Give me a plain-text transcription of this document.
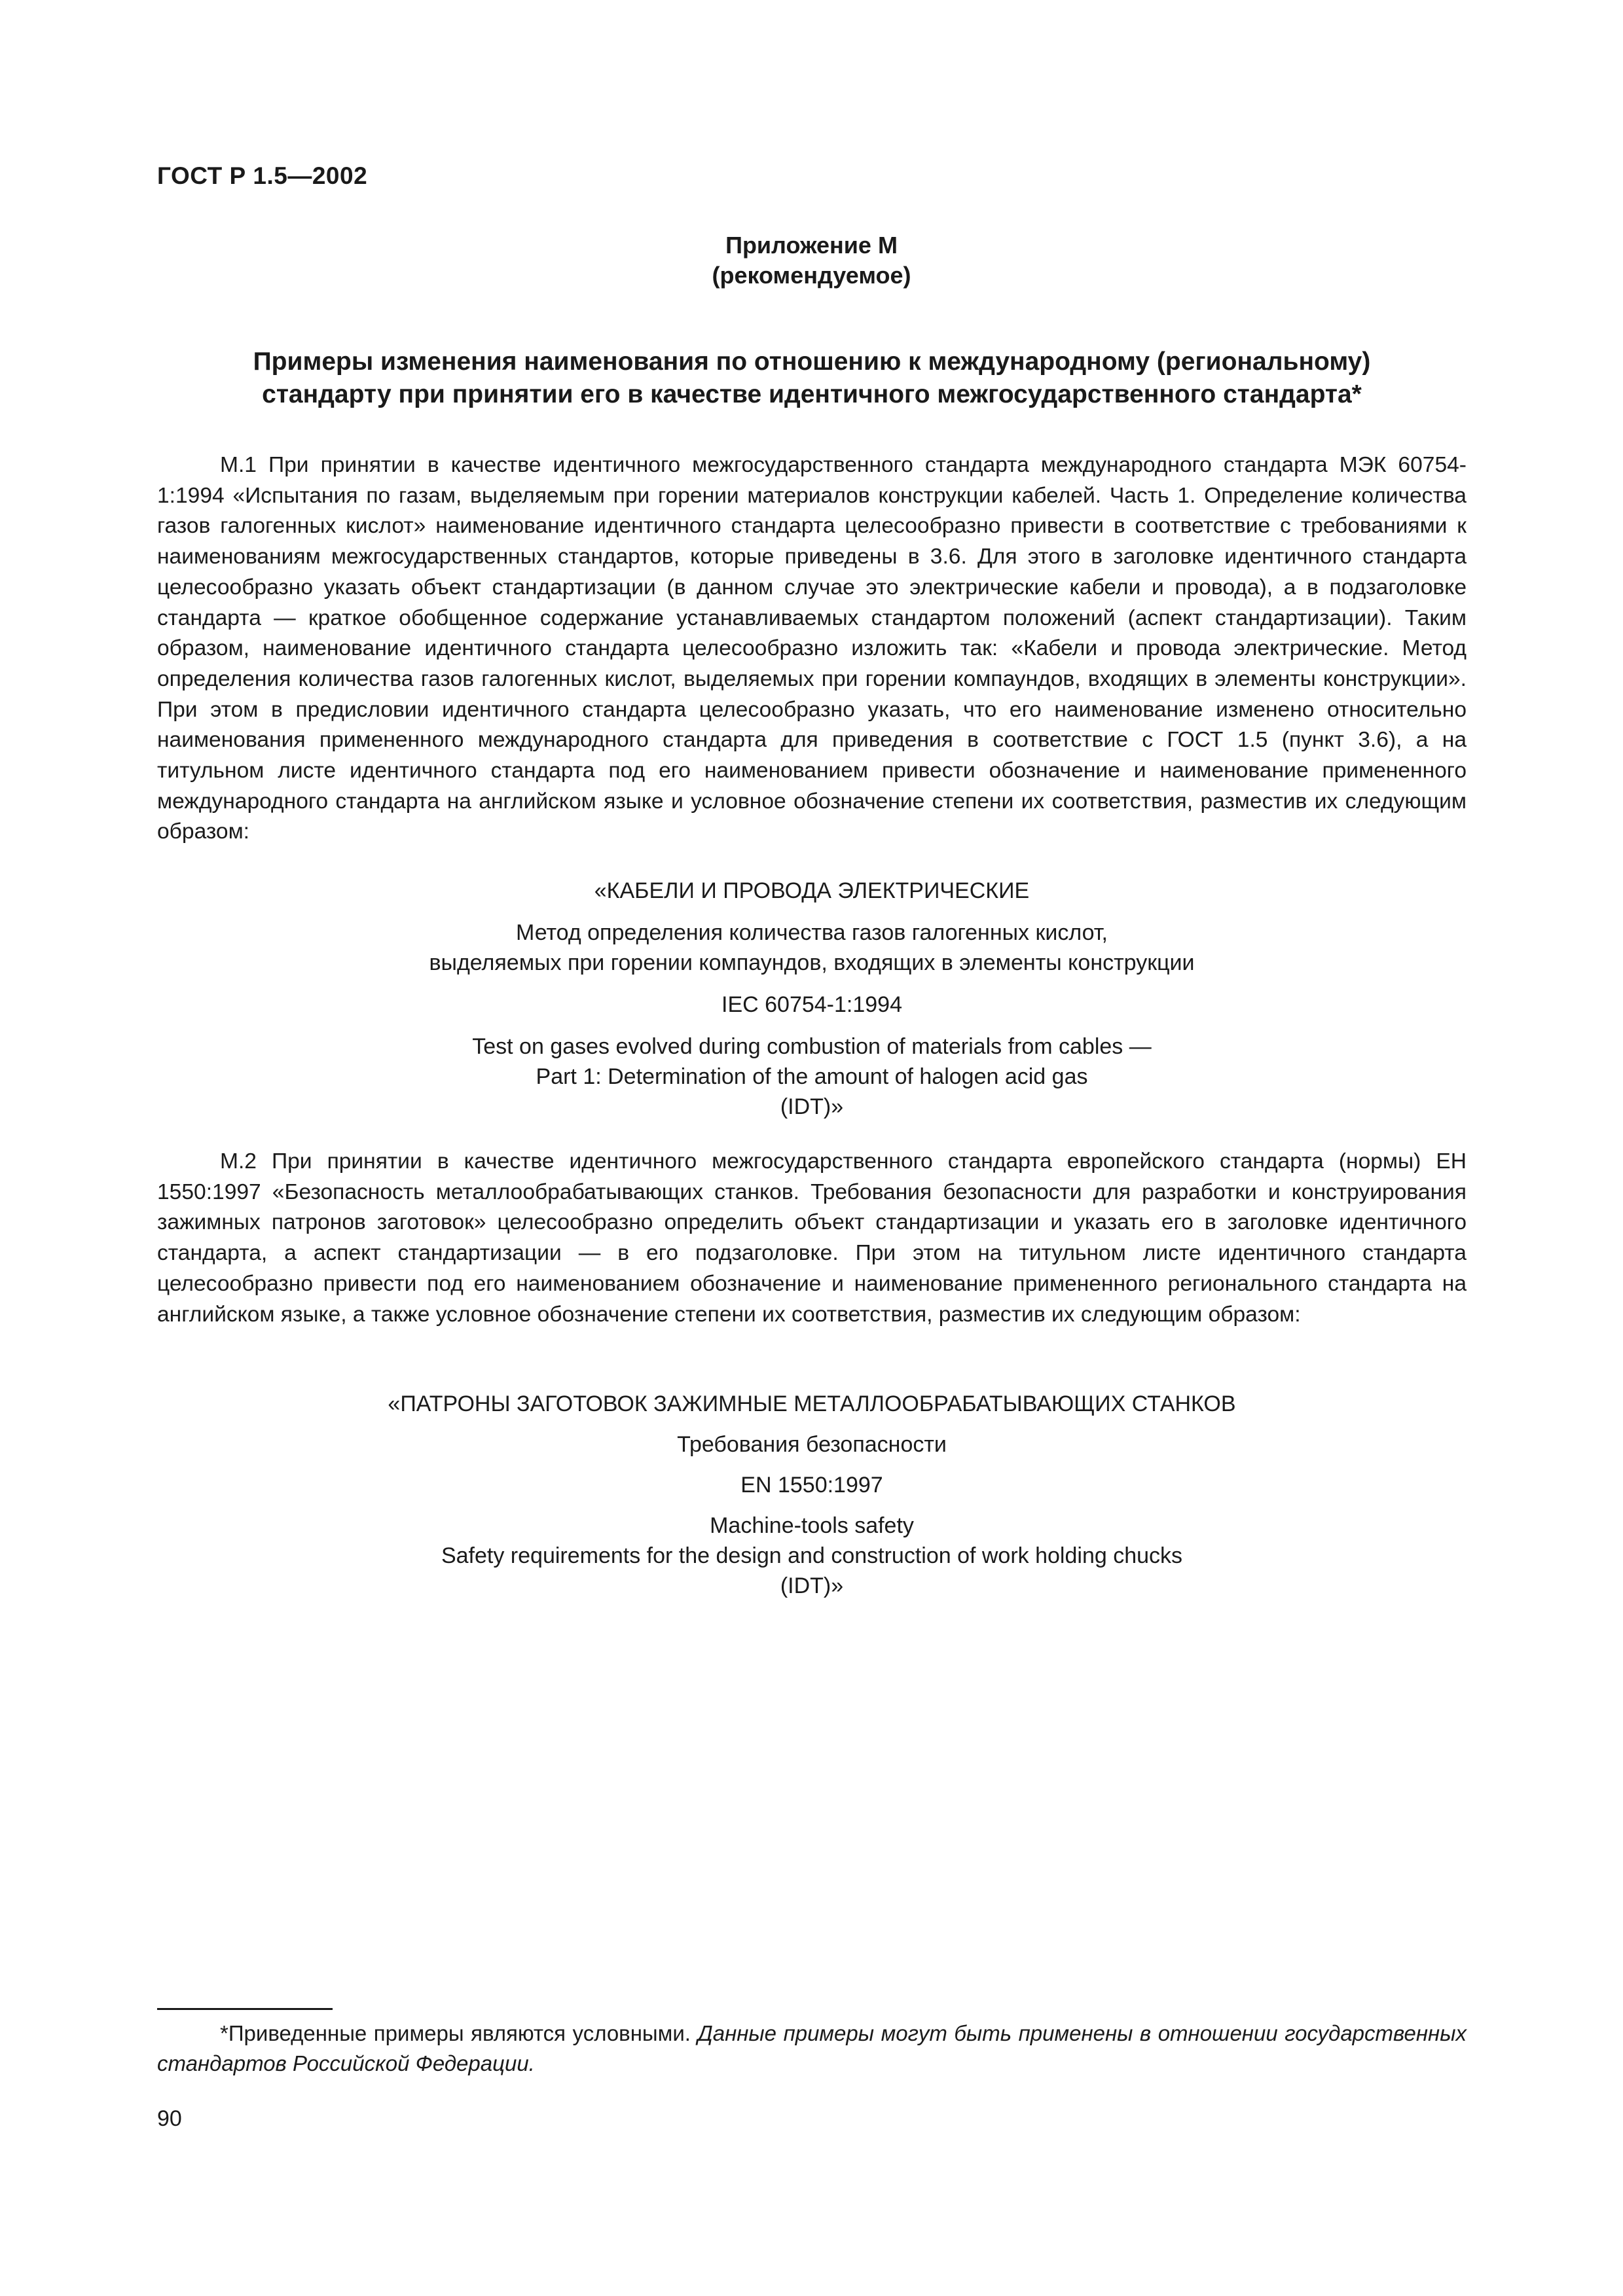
ГОСТ Р 1.5—2002
Приложение М
(рекомендуемое)
Примеры изменения наименования по отношению к международному (региональному)
стандарту при принятии его в качестве идентичного межгосударственного стандарта*

М.1 При принятии в качестве идентичного межгосударственного стандарта международного стандарта МЭК 60754-1:1994 «Испытания по газам, выделяемым при горении материалов конструкции кабелей. Часть 1. Определение количества газов галогенных кислот» наименование идентичного стандарта целесообразно привести в соответствие с требованиями к наименованиям межгосударственных стандартов, которые приведены в 3.6. Для этого в заголовке идентичного стандарта целесообразно указать объект стандартизации (в данном случае это электрические кабели и провода), а в подзаголовке стандарта — краткое обобщенное содержание устанавливаемых стандартом положений (аспект стандартизации). Таким образом, наименование идентичного стандарта целесообразно изложить так: «Кабели и провода электрические. Метод определения количества газов галогенных кислот, выделяемых при горении компаундов, входящих в элементы конструкции». При этом в предисловии идентичного стандарта целесообразно указать, что его наименование изменено относительно наименования примененного международного стандарта для приведения в соответствие с ГОСТ 1.5 (пункт 3.6), а на титульном листе идентичного стандарта под его наименованием привести обозначение и наименование примененного международного стандарта на английском языке и условное обозначение степени их соответствия, разместив их следующим образом:

«КАБЕЛИ И ПРОВОДА ЭЛЕКТРИЧЕСКИЕ
Метод определения количества газов галогенных кислот,
выделяемых при горении компаундов, входящих в элементы конструкции
IEC 60754-1:1994
Test on gases evolved during combustion of materials from cables —
Part 1: Determination of the amount of halogen acid gas
(IDT)»

М.2 При принятии в качестве идентичного межгосударственного стандарта европейского стандарта (нормы) ЕН 1550:1997 «Безопасность металлообрабатывающих станков. Требования безопасности для разработки и конструирования зажимных патронов заготовок» целесообразно определить объект стандартизации и указать его в заголовке идентичного стандарта, а аспект стандартизации — в его подзаголовке. При этом на титульном листе идентичного стандарта целесообразно привести под его наименованием обозначение и наименование примененного регионального стандарта на английском языке, а также условное обозначение степени их соответствия, разместив их следующим образом:

«ПАТРОНЫ ЗАГОТОВОК ЗАЖИМНЫЕ МЕТАЛЛООБРАБАТЫВАЮЩИХ СТАНКОВ
Требования безопасности
EN 1550:1997
Machine-tools safety
Safety requirements for the design and construction of work holding chucks
(IDT)»

*Приведенные примеры являются условными. Данные примеры могут быть применены в отношении государственных стандартов Российской Федерации.

90
